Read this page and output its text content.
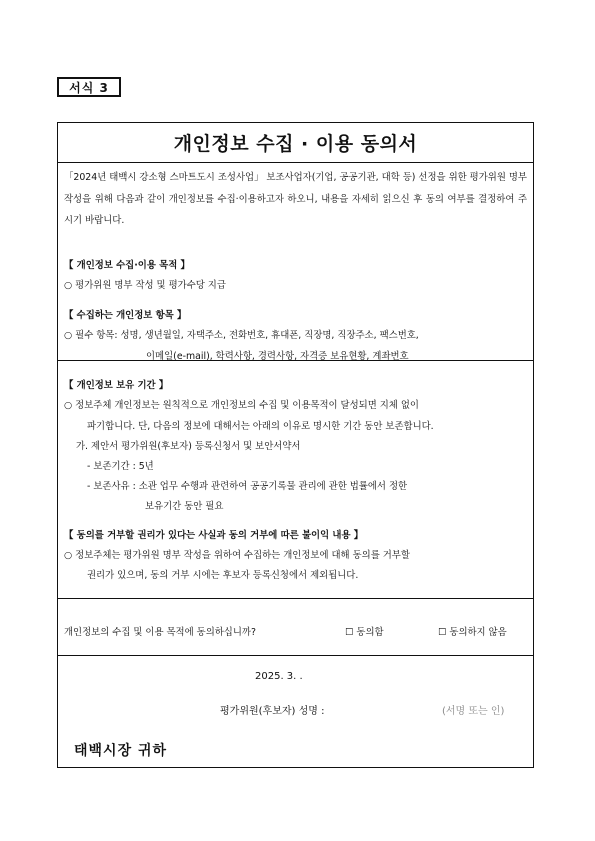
서식 3
개인정보 수집 · 이용 동의서

「2024년 태백시 강소형 스마트도시 조성사업」 보조사업자(기업, 공공기관, 대학 등) 선정을 위한 평가위원 명부 작성을 위해 다음과 같이 개인정보를 수집·이용하고자 하오니, 내용을 자세히 읽으신 후 동의 여부를 결정하여 주시기 바랍니다.

【 개인정보 수집·이용 목적 】
○ 평가위원 명부 작성 및 평가수당 지급
【 수집하는 개인정보 항목 】
○ 필수 항목: 성명, 생년월일, 자택주소, 전화번호, 휴대폰, 직장명, 직장주소, 팩스번호,
이메일(e-mail), 학력사항, 경력사항, 자격증 보유현황, 계좌번호
【 개인정보 보유 기간 】
○ 정보주체 개인정보는 원칙적으로 개인정보의 수집 및 이용목적이 달성되면 지체 없이
파기합니다. 단, 다음의 정보에 대해서는 아래의 이유로 명시한 기간 동안 보존합니다.
가. 제안서 평가위원(후보자) 등록신청서 및 보안서약서
- 보존기간 : 5년
- 보존사유 : 소관 업무 수행과 관련하여 공공기록물 관리에 관한 법률에서 정한
보유기간 동안 필요
【 동의를 거부할 권리가 있다는 사실과 동의 거부에 따른 불이익 내용 】
○ 정보주체는 평가위원 명부 작성을 위하여 수집하는 개인정보에 대해 동의를 거부할
권리가 있으며, 동의 거부 시에는 후보자 등록신청에서 제외됩니다.
개인정보의 수집 및 이용 목적에 동의하십니까?	☐ 동의함	☐ 동의하지 않음
2025. 3. .
평가위원(후보자) 성명 :	(서명 또는 인)
태백시장 귀하
